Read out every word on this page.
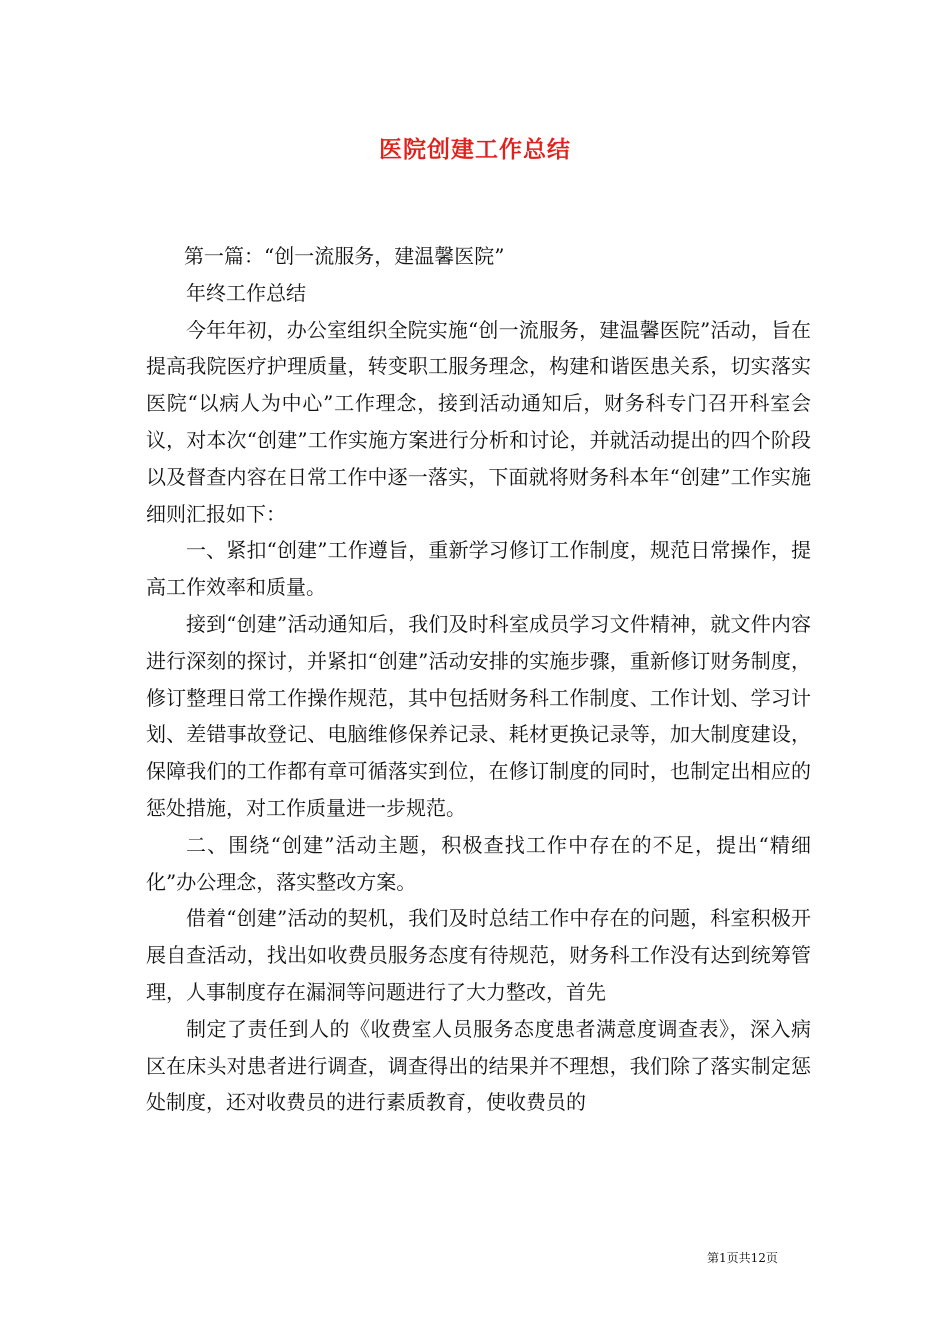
医院创建工作总结

第一篇：“创一流服务，建温馨医院”

年终工作总结

今年年初，办公室组织全院实施“创一流服务，建温馨医院”活动，旨在提高我院医疗护理质量，转变职工服务理念，构建和谐医患关系，切实落实医院“以病人为中心”工作理念，接到活动通知后，财务科专门召开科室会议，对本次“创建”工作实施方案进行分析和讨论，并就活动提出的四个阶段以及督查内容在日常工作中逐一落实，下面就将财务科本年“创建”工作实施细则汇报如下：

一、紧扣“创建”工作遵旨，重新学习修订工作制度，规范日常操作，提高工作效率和质量。

接到“创建”活动通知后，我们及时科室成员学习文件精神，就文件内容进行深刻的探讨，并紧扣“创建”活动安排的实施步骤，重新修订财务制度，修订整理日常工作操作规范，其中包括财务科工作制度、工作计划、学习计划、差错事故登记、电脑维修保养记录、耗材更换记录等，加大制度建设，保障我们的工作都有章可循落实到位，在修订制度的同时，也制定出相应的惩处措施，对工作质量进一步规范。

二、围绕“创建”活动主题，积极查找工作中存在的不足，提出“精细化”办公理念，落实整改方案。

借着“创建”活动的契机，我们及时总结工作中存在的问题，科室积极开展自查活动，找出如收费员服务态度有待规范，财务科工作没有达到统筹管理，人事制度存在漏洞等问题进行了大力整改，首先

制定了责任到人的《收费室人员服务态度患者满意度调查表》，深入病区在床头对患者进行调查，调查得出的结果并不理想，我们除了落实制定惩处制度，还对收费员的进行素质教育，使收费员的

第1页共12页
